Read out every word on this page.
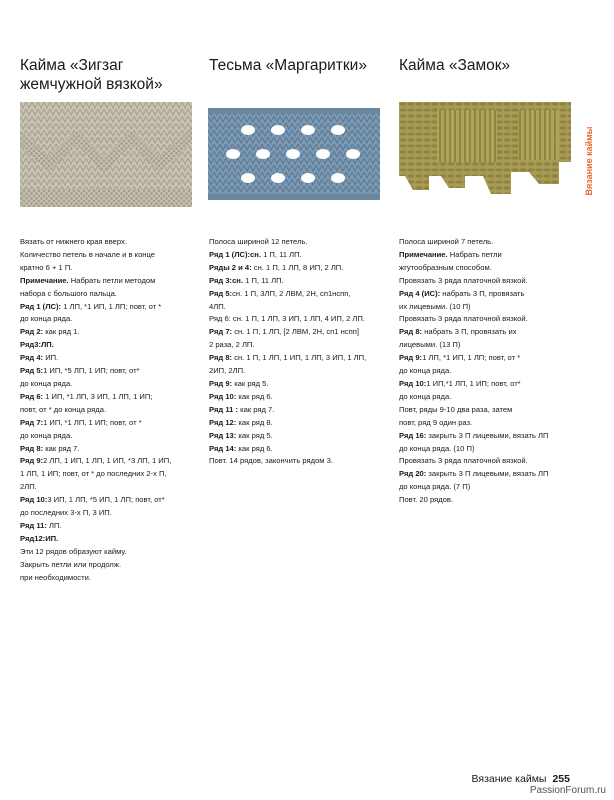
Кайма «Зигзаг
жемчужной вязкой»
Тесьма «Маргаритки»	Кайма «Замок»

Вязать от нижнего края вверх.

Количество петель в начале и в конце

кратно 6 + 1 П.

Примечание. Набрать петли методом

набора с большого пальца.

Ряд 1 (ЛС): 1 ЛП, *1 ИП, 1 ЛП; повт, от *

до конца ряда.

Ряд 2: как ряд 1.

Ряд3:ЛП.

Ряд 4: ИП.

Ряд 5:1 ИП, *5 ЛП, 1 ИП; повт, от*

до конца ряда.

Ряд 6: 1 ИП, *1 ЛП, 3 ИП, 1 ЛП, 1 ИП;

повт, от * до конца ряда.

Ряд 7:1 ИП, *1 ЛП, 1 ИП; повт, от *

до конца ряда.

Ряд 8: как ряд 7.

Ряд 9:2 ЛП, 1 ИП, 1 ЛП, 1 ИП, *3 ЛП, 1 ИП,

1 ЛП, 1 ИП; повт, от * до последних 2-х П,

2ЛП.

Ряд 10:3 ИП, 1 ЛП, *5 ИП, 1 ЛП; повт, от*

до последних 3-х П, 3 ИП.

Ряд 11: ЛП.

Ряд12:ИП.

Эти 12 рядов образуют кайму.

Закрыть петли или продолж.

при необходимости.

Полоса шириной 12 петель.

Ряд 1 (ЛС):сн. 1 П, 11 ЛП.

Ряды 2 и 4: сн. 1 П, 1 ЛП, 8 ИП, 2 ЛП.

Ряд 3:сн. 1 П, 11 ЛП.

Ряд 5:сн. 1 П, 3ЛП, 2 ЛВМ, 2Н, сп1нспп,

4ЛП.

Ряд 6: сн. 1 П, 1 ЛП, 3 ИП, 1 ЛП, 4 ИП, 2 ЛП.

Ряд 7: сн. 1 П, 1 ЛП, [2 ЛВМ, 2Н, сп1 нспп]

2 раза, 2 ЛП.

Ряд 8: сн. 1 П, 1 ЛП, 1 ИП, 1 ЛП, 3 ИП, 1 ЛП,

2ИП, 2ЛП.

Ряд 9: как ряд 5.

Ряд 10: как ряд 6.

Ряд 11 : как ряд 7.

Ряд 12: как ряд 8.

Ряд 13: как ряд 5.

Ряд 14: как ряд 6.

Повт. 14 рядов, закончить рядом 3.

Полоса шириной 7 петель.

Примечание. Набрать петли

жгутообразным способом.

Провязать 3 ряда платочной вязкой.

Ряд 4 (ИС): набрать 3 П, провязать

их лицевыми. (10 П)

Провязать 3 ряда платочной вязкой.

Ряд 8: набрать 3 П, провязать их

лицевыми. (13 П)

Ряд 9:1 ЛП, *1 ИП, 1 ЛП; повт, от *

до конца ряда.

Ряд 10:1 ИП,*1 ЛП, 1 ИП; повт, от*

до конца ряда.

Повт, ряды 9-10 два раза, затем

повт, ряд 9 один раз.

Ряд 16: закрыть 3 П лицевыми, вязать ЛП

до конца ряда. (10 П)

Провязать 3 ряда платочной вязкой.

Ряд 20: закрыть 3 П лицевыми, вязать ЛП

до конца ряда. (7 П)

Повт. 20 рядов.

Вязание каймы
Вязание каймы 255
PassionForum.ru
